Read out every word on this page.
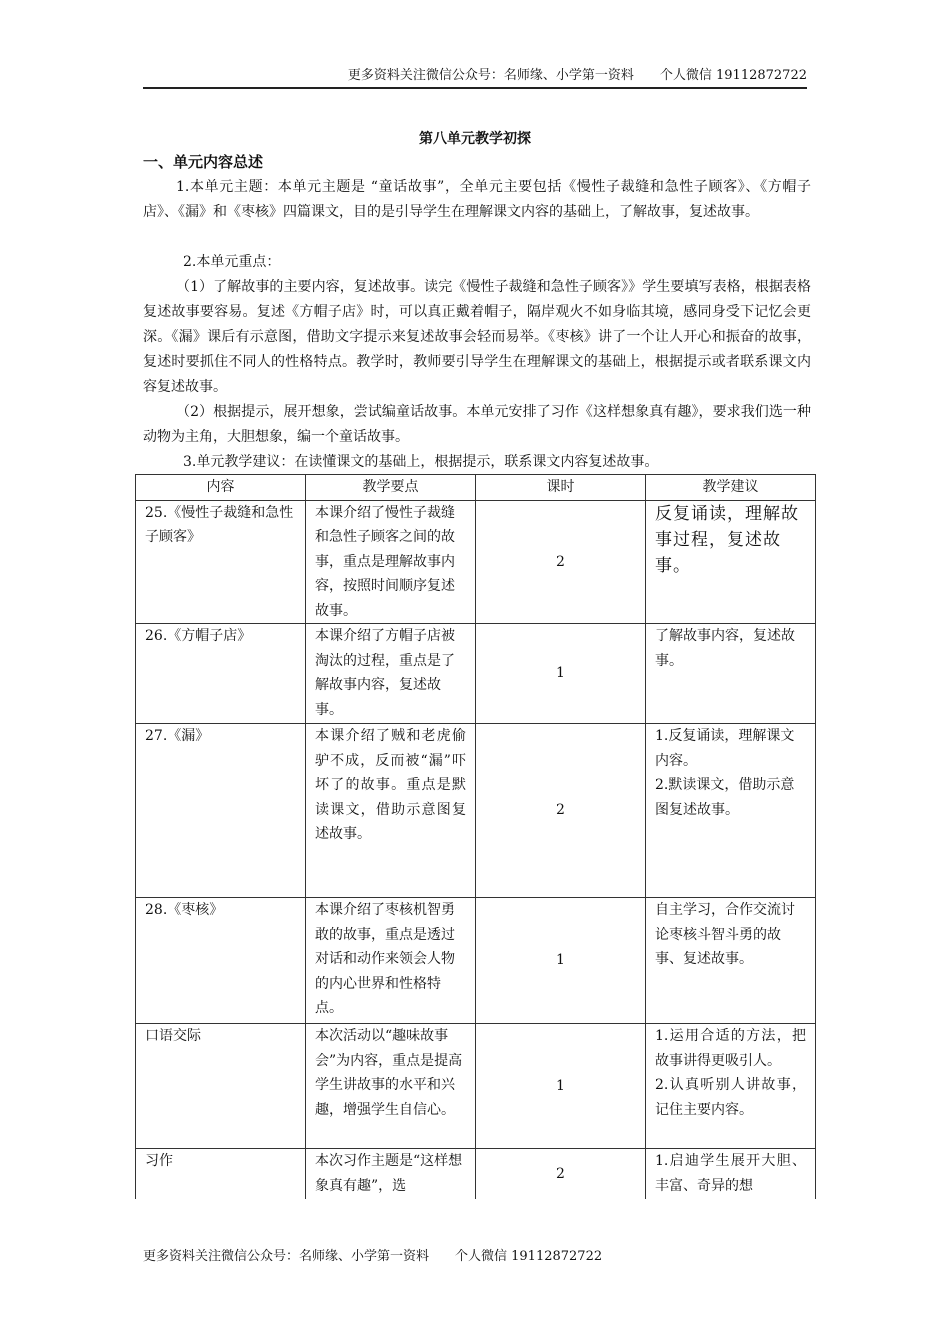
更多资料关注微信公众号：名师缘、小学第一资料　　个人微信 19112872722
第八单元教学初探
一、单元内容总述

1.本单元主题：本单元主题是 “童话故事”，全单元主要包括《慢性子裁缝和急性子顾客》、《方帽子店》、《漏》和《枣核》四篇课文，目的是引导学生在理解课文内容的基础上，了解故事，复述故事。

2.本单元重点：

（1）了解故事的主要内容，复述故事。读完《慢性子裁缝和急性子顾客》》学生要填写表格，根据表格复述故事要容易。复述《方帽子店》时，可以真正戴着帽子，隔岸观火不如身临其境，感同身受下记忆会更深。《漏》课后有示意图，借助文字提示来复述故事会轻而易举。《枣核》讲了一个让人开心和振奋的故事，复述时要抓住不同人的性格特点。教学时，教师要引导学生在理解课文的基础上，根据提示或者联系课文内容复述故事。

（2）根据提示，展开想象，尝试编童话故事。本单元安排了习作《这样想象真有趣》，要求我们选一种动物为主角，大胆想象，编一个童话故事。

3.单元教学建议：在读懂课文的基础上，根据提示，联系课文内容复述故事。

内容	教学要点	课时	教学建议
25.《慢性子裁缝和急性子顾客》	本课介绍了慢性子裁缝和急性子顾客之间的故事，重点是理解故事内容，按照时间顺序复述故事。	2	反复诵读，理解故事过程，复述故事。

26.《方帽子店》	本课介绍了方帽子店被淘汰的过程，重点是了解故事内容，复述故事。	1	了解故事内容，复述故事。

27.《漏》	本课介绍了贼和老虎偷驴不成，反而被“漏”吓坏了的故事。重点是默读课文，借助示意图复述故事。	2	1.反复诵读，理解课文内容。
2.默读课文，借助示意图复述故事。

28.《枣核》	本课介绍了枣核机智勇敢的故事，重点是透过对话和动作来领会人物的内心世界和性格特点。	1	自主学习，合作交流讨论枣核斗智斗勇的故事、复述故事。

口语交际	本次活动以“趣味故事会”为内容，重点是提高学生讲故事的水平和兴趣，增强学生自信心。	1	1.运用合适的方法，把故事讲得更吸引人。
2.认真听别人讲故事，记住主要内容。

习作	本次习作主题是“这样想象真有趣”，选	2	1.启迪学生展开大胆、丰富、奇异的想
更多资料关注微信公众号：名师缘、小学第一资料　　个人微信 19112872722
